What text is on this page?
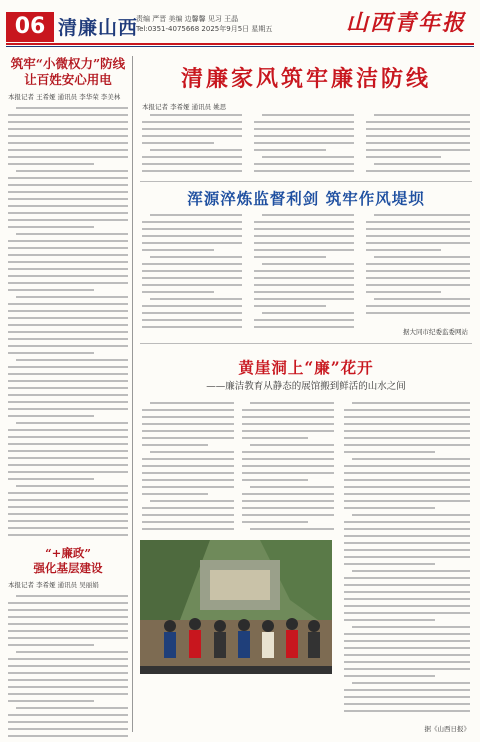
06 清廉山西
责编 严晋 美编 边馨馨 见习 王晶
Tel:0351-4075668 2025年9月5日 星期五	山西青年报
筑牢“小微权力”防线
让百姓安心用电
本报记者 王希娅 通讯员 李华荣 李美林
“+廉政”
强化基层建设
本报记者 李希娅 通讯员 吴丽娟
清廉家风筑牢廉洁防线
本报记者 李希娅 通讯员 姚思
浑源淬炼监督利剑 筑牢作风堤坝
据大同市纪委监委网站
黄崖洞上“廉”花开
——廉洁教育从静态的展馆搬到鲜活的山水之间
据《山西日报》
